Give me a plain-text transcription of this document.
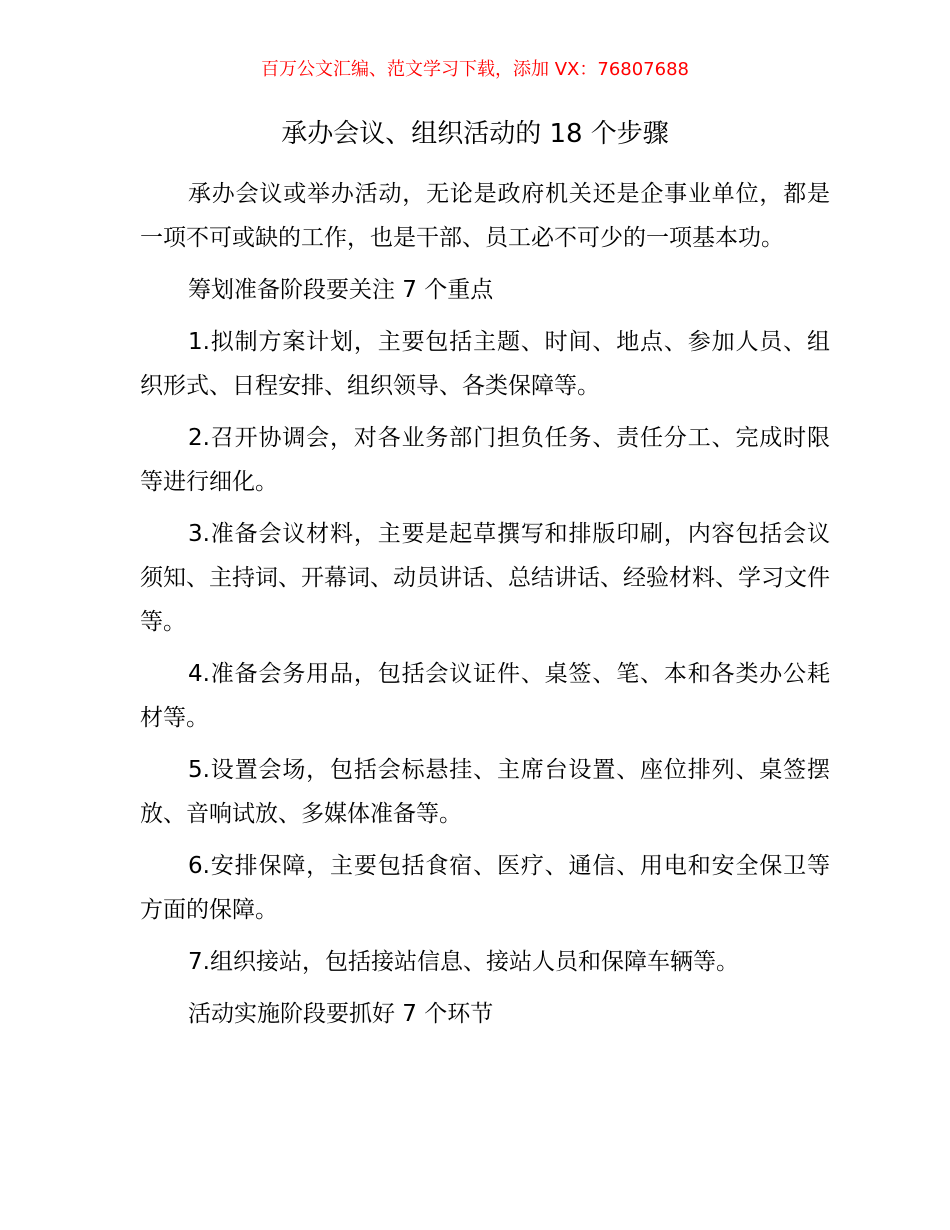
百万公文汇编、范文学习下载，添加 VX：76807688
承办会议、组织活动的 18 个步骤

承办会议或举办活动，无论是政府机关还是企事业单位，都是一项不可或缺的工作，也是干部、员工必不可少的一项基本功。

筹划准备阶段要关注 7 个重点

1.拟制方案计划，主要包括主题、时间、地点、参加人员、组织形式、日程安排、组织领导、各类保障等。

2.召开协调会，对各业务部门担负任务、责任分工、完成时限等进行细化。

3.准备会议材料，主要是起草撰写和排版印刷，内容包括会议须知、主持词、开幕词、动员讲话、总结讲话、经验材料、学习文件等。

4.准备会务用品，包括会议证件、桌签、笔、本和各类办公耗材等。

5.设置会场，包括会标悬挂、主席台设置、座位排列、桌签摆放、音响试放、多媒体准备等。

6.安排保障，主要包括食宿、医疗、通信、用电和安全保卫等方面的保障。

7.组织接站，包括接站信息、接站人员和保障车辆等。

活动实施阶段要抓好 7 个环节
